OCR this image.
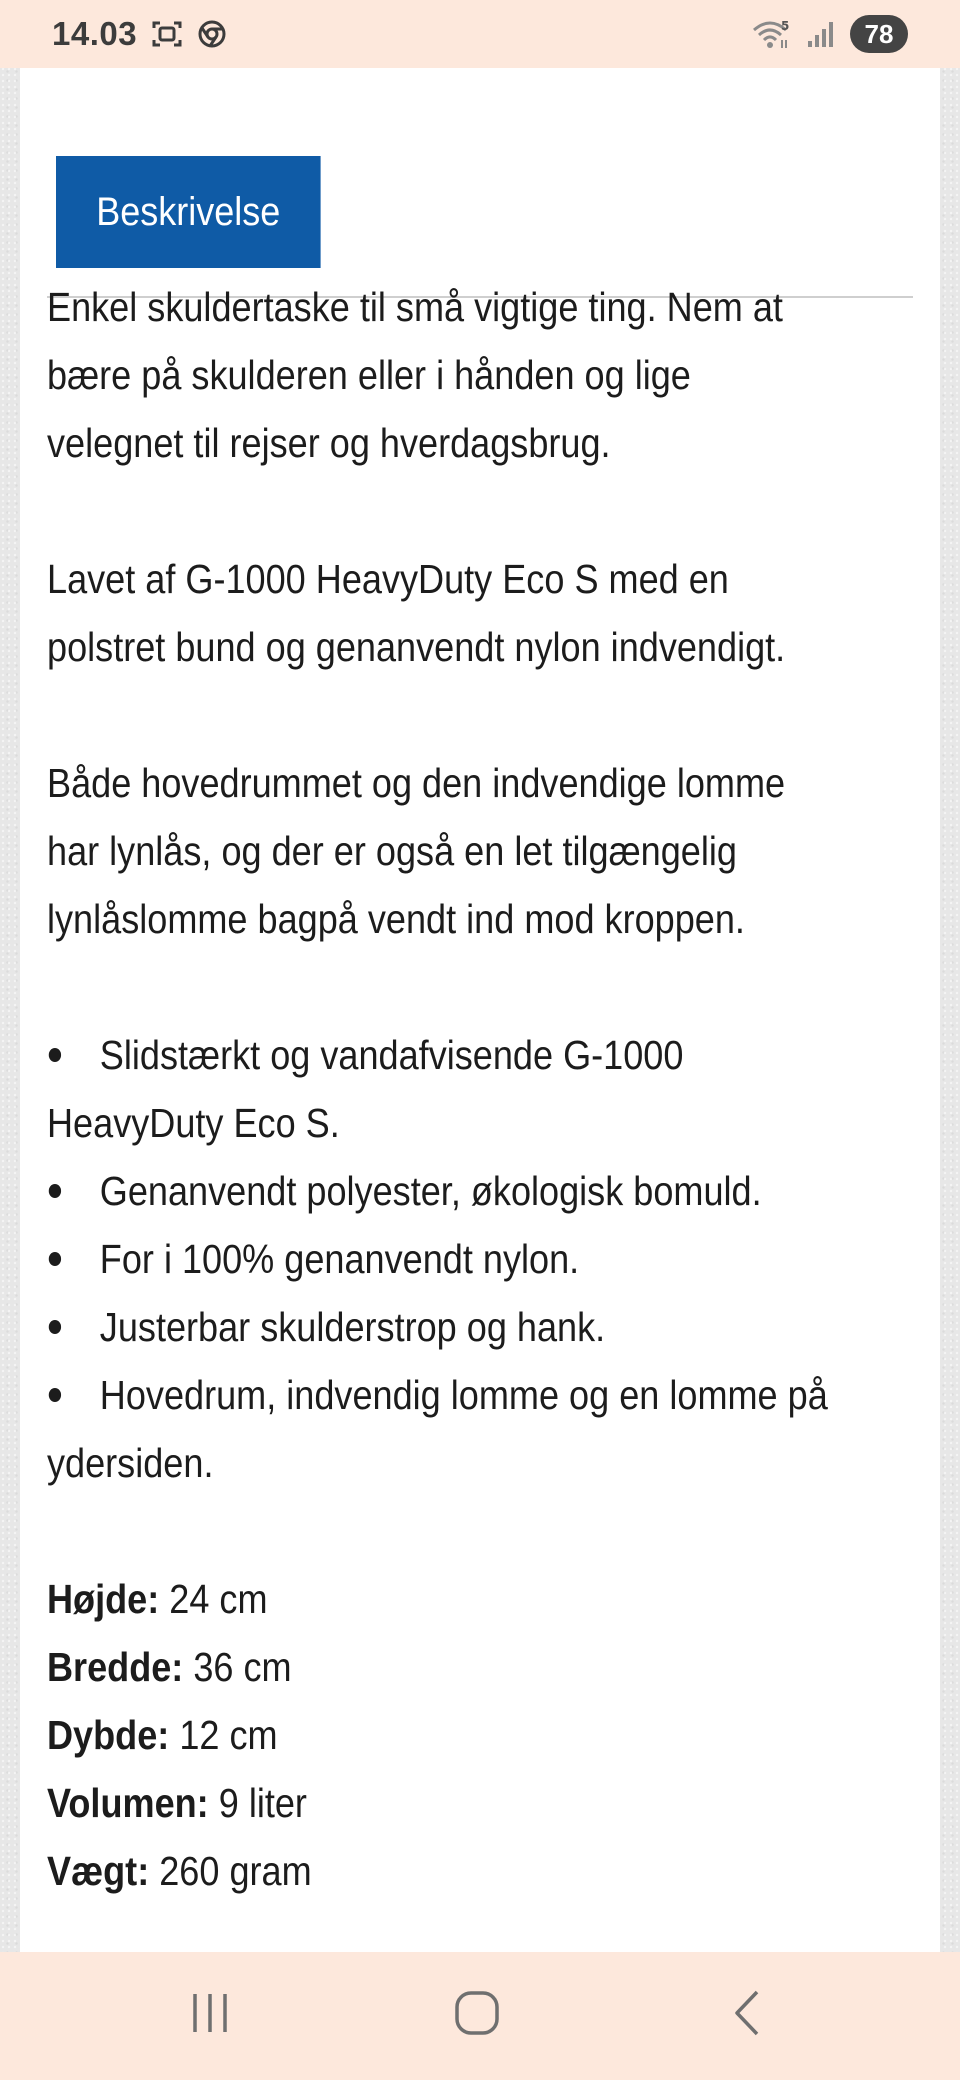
14.03	5	78
Beskrivelse

Enkel skuldertaske til små vigtige ting. Nem at
bære på skulderen eller i hånden og lige
velegnet til rejser og hverdagsbrug.

Lavet af G-1000 HeavyDuty Eco S med en
polstret bund og genanvendt nylon indvendigt.

Både hovedrummet og den indvendige lomme
har lynlås, og der er også en let tilgængelig
lynlåslomme bagpå vendt ind mod kroppen.

Slidstærkt og vandafvisende G-1000
HeavyDuty Eco S.
Genanvendt polyester, økologisk bomuld.
For i 100% genanvendt nylon.
Justerbar skulderstrop og hank.
Hovedrum, indvendig lomme og en lomme på
ydersiden.
Højde: 24 cm
Bredde: 36 cm
Dybde: 12 cm
Volumen: 9 liter
Vægt: 260 gram
